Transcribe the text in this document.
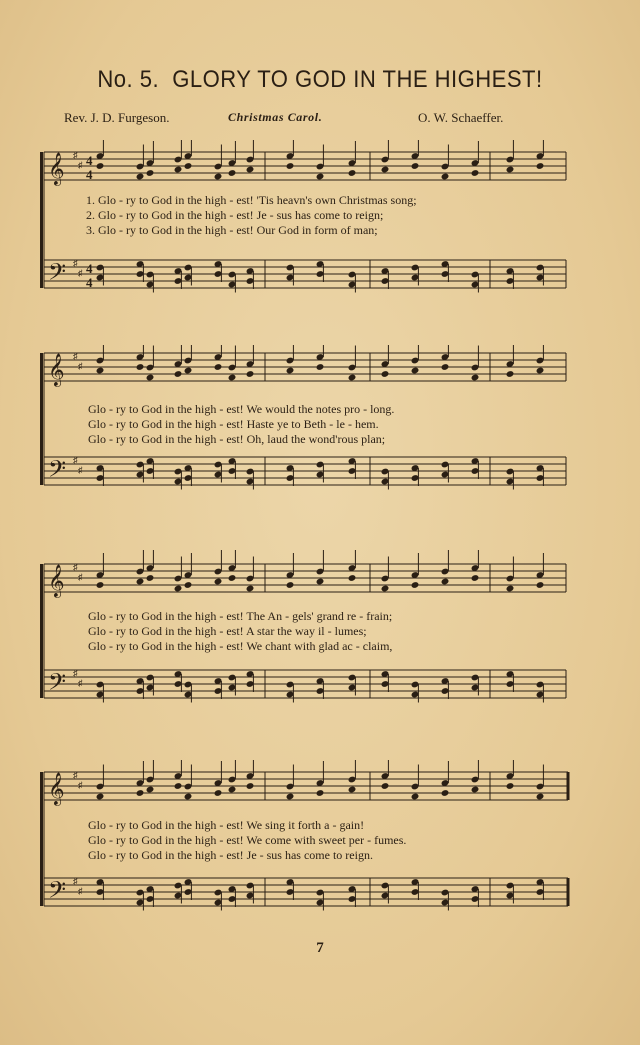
No. 5. GLORY TO GOD IN THE HIGHEST!
Rev. J. D. Furgeson.	Christmas Carol.	O. W. Schaeffer.
𝄞 ♯
♯ 4
4
𝄢 ♯
♯ 4
4
1. Glo - ry to God in the high - est! 'Tis heavn's own Christmas song;
2. Glo - ry to God in the high - est! Je - sus has come to reign;
3. Glo - ry to God in the high - est! Our God in form of man;
𝄞 ♯
♯
𝄢 ♯
♯
Glo - ry to God in the high - est! We would the notes pro - long.
Glo - ry to God in the high - est! Haste ye to Beth - le - hem.
Glo - ry to God in the high - est! Oh, laud the wond'rous plan;
𝄞 ♯
♯
𝄢 ♯
♯
Glo - ry to God in the high - est! The An - gels' grand re - frain;
Glo - ry to God in the high - est! A star the way il - lumes;
Glo - ry to God in the high - est! We chant with glad ac - claim,
𝄞 ♯
♯
𝄢 ♯
♯
Glo - ry to God in the high - est! We sing it forth a - gain!
Glo - ry to God in the high - est! We come with sweet per - fumes.
Glo - ry to God in the high - est! Je - sus has come to reign.
7
